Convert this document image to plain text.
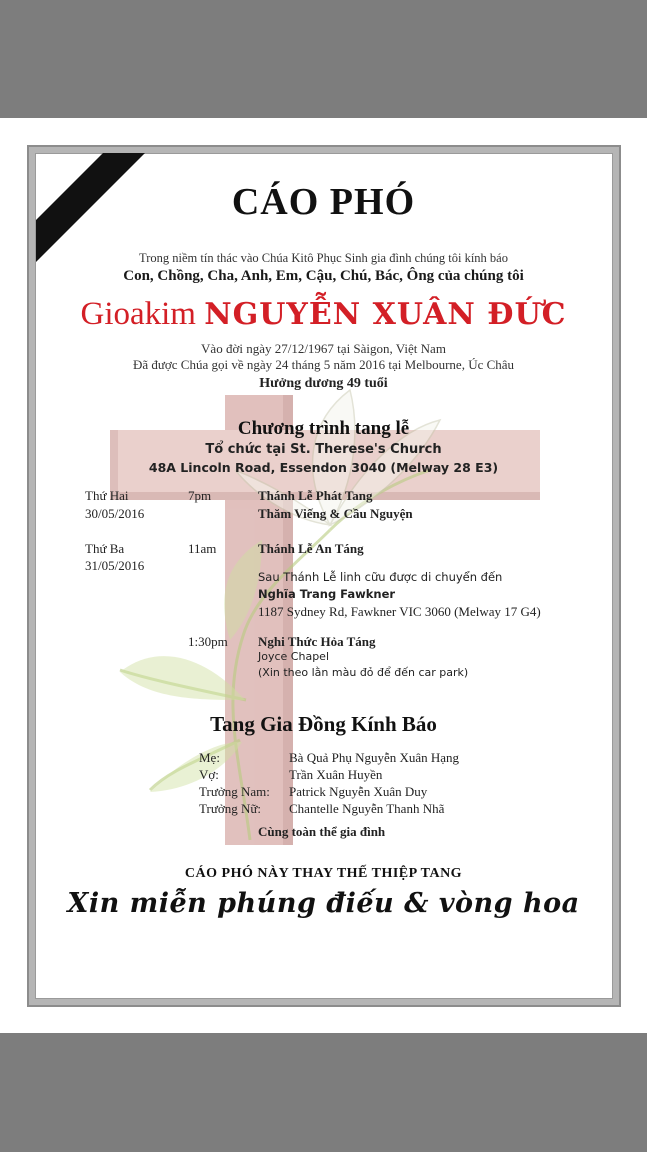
CÁO PHÓ
Trong niềm tín thác vào Chúa Kitô Phục Sinh gia đình chúng tôi kính báo
Con, Chồng, Cha, Anh, Em, Cậu, Chú, Bác, Ông của chúng tôi
Gioakim NGUYỄN XUÂN ĐỨC
Vào đời ngày 27/12/1967 tại Sàigon, Việt Nam
Đã được Chúa gọi về ngày 24 tháng 5 năm 2016 tại Melbourne, Úc Châu
Hưởng dương 49 tuổi
Chương trình tang lễ
Tổ chức tại St. Therese's Church
48A Lincoln Road, Essendon 3040 (Melway 28 E3)
Thứ Hai
30/05/2016
7pm	Thánh Lễ Phát Tang
Thăm Viếng & Cầu Nguyện
Thứ Ba
31/05/2016
11am	Thánh Lễ An Táng
Sau Thánh Lễ linh cữu được di chuyển đến
Nghĩa Trang Fawkner
1187 Sydney Rd, Fawkner VIC 3060 (Melway 17 G4)
1:30pm Nghi Thức Hỏa Táng
Joyce Chapel
(Xin theo lằn màu đỏ để đến car park)
Tang Gia Đồng Kính Báo
Mẹ:	Bà Quả Phụ Nguyễn Xuân Hạng
Vợ:	Trần Xuân Huyền
Trưởng Nam: Patrick Nguyễn Xuân Duy
Trưởng Nữ: Chantelle Nguyễn Thanh Nhã
Cùng toàn thể gia đình
CÁO PHÓ NÀY THAY THẾ THIỆP TANG
Xin miễn phúng điếu & vòng hoa
